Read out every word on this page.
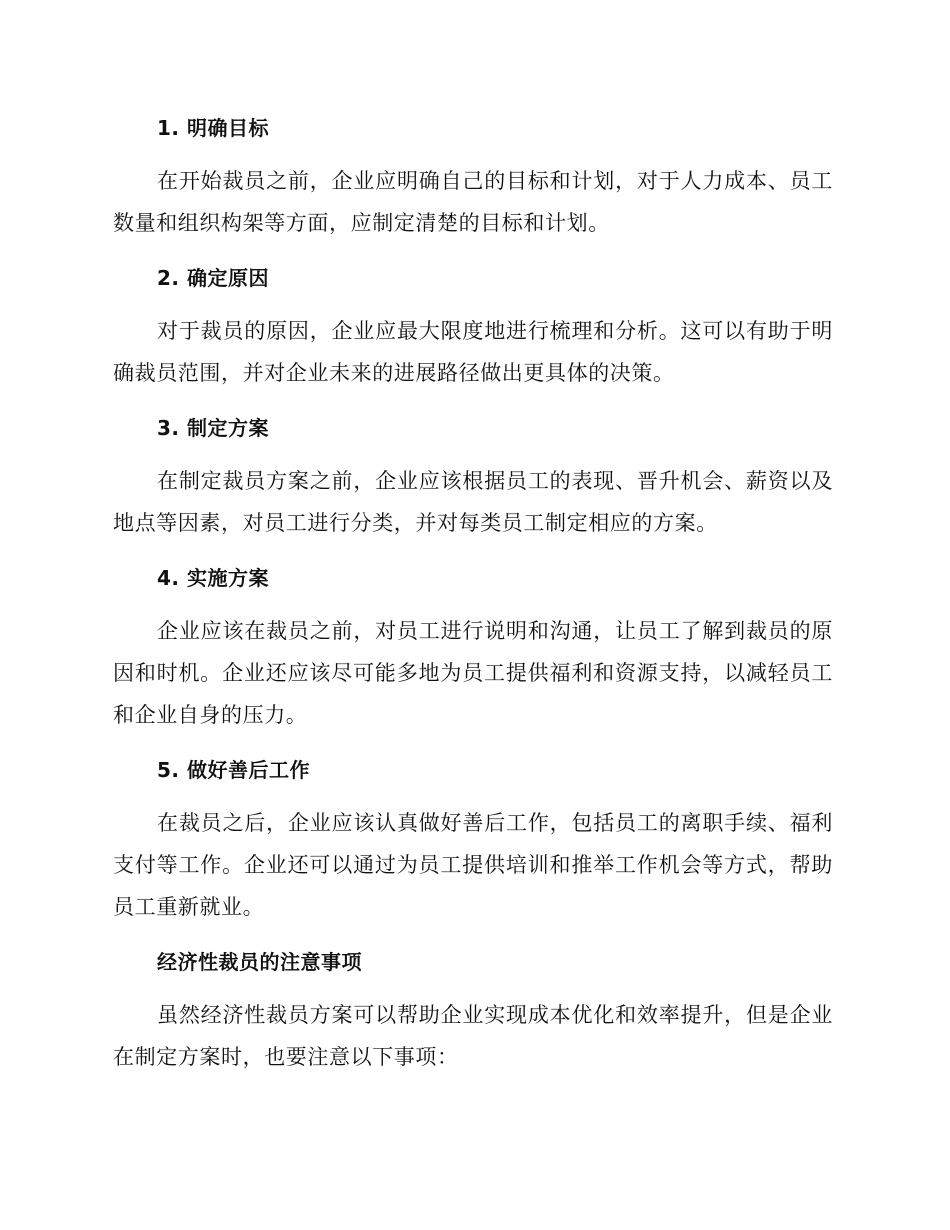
1. 明确目标

在开始裁员之前，企业应明确自己的目标和计划，对于人力成本、员工数量和组织构架等方面，应制定清楚的目标和计划。

2. 确定原因

对于裁员的原因，企业应最大限度地进行梳理和分析。这可以有助于明确裁员范围，并对企业未来的进展路径做出更具体的决策。

3. 制定方案

在制定裁员方案之前，企业应该根据员工的表现、晋升机会、薪资以及地点等因素，对员工进行分类，并对每类员工制定相应的方案。

4. 实施方案

企业应该在裁员之前，对员工进行说明和沟通，让员工了解到裁员的原因和时机。企业还应该尽可能多地为员工提供福利和资源支持，以减轻员工和企业自身的压力。

5. 做好善后工作

在裁员之后，企业应该认真做好善后工作，包括员工的离职手续、福利支付等工作。企业还可以通过为员工提供培训和推举工作机会等方式，帮助员工重新就业。

经济性裁员的注意事项

虽然经济性裁员方案可以帮助企业实现成本优化和效率提升，但是企业在制定方案时，也要注意以下事项：
